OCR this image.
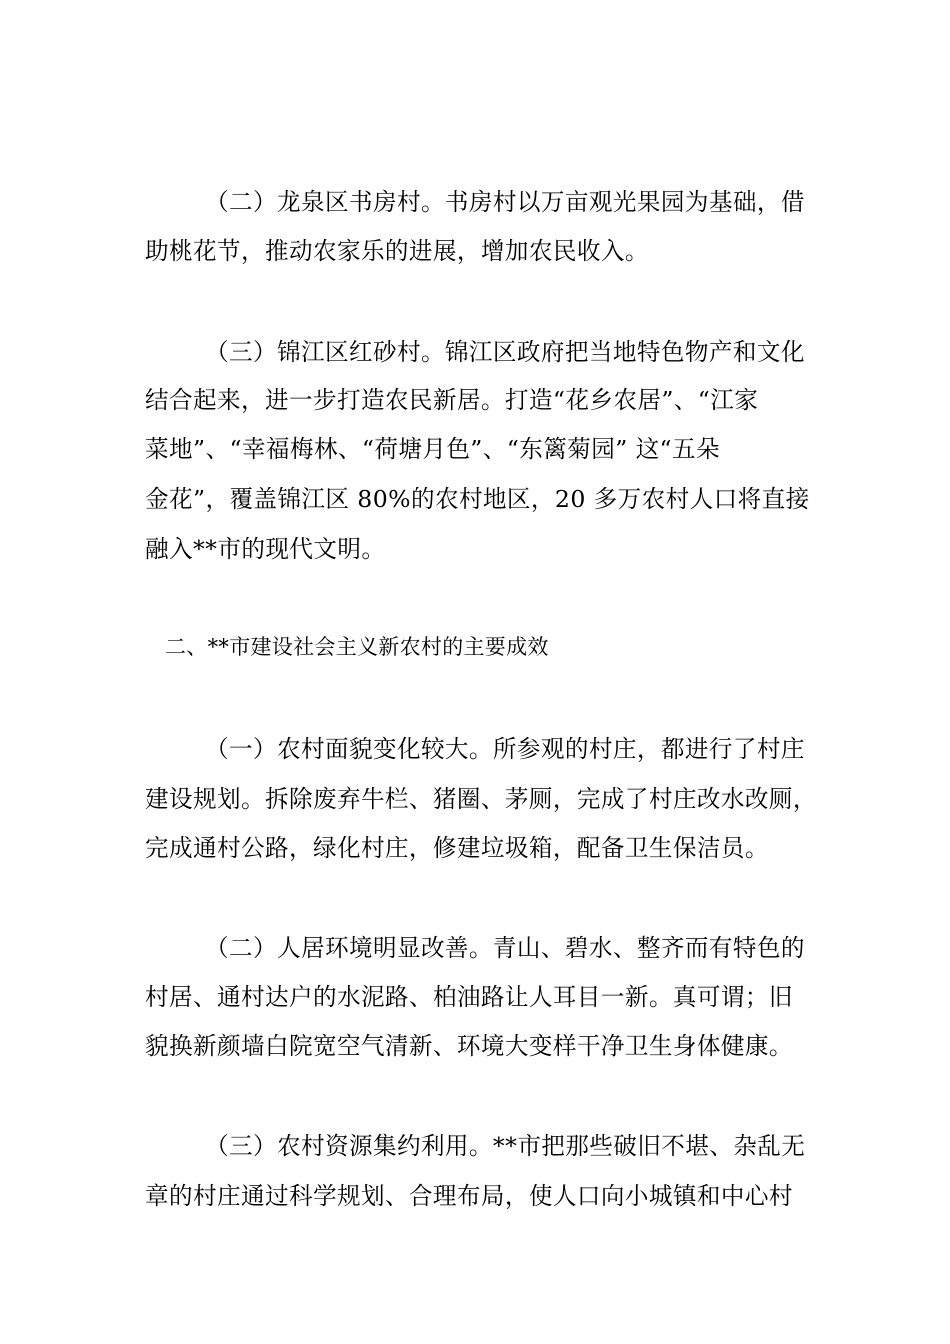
（二）龙泉区书房村。书房村以万亩观光果园为基础，借
助桃花节，推动农家乐的进展，增加农民收入。
（三）锦江区红砂村。锦江区政府把当地特色物产和文化
结合起来，进一步打造农民新居。打造“花乡农居”、“江家
菜地”、“幸福梅林、“荷塘月色”、“东篱菊园” 这“五朵
金花”，覆盖锦江区 80%的农村地区，20 多万农村人口将直接
融入**市的现代文明。
二、**市建设社会主义新农村的主要成效
（一）农村面貌变化较大。所参观的村庄，都进行了村庄
建设规划。拆除废弃牛栏、猪圈、茅厕，完成了村庄改水改厕，
完成通村公路，绿化村庄，修建垃圾箱，配备卫生保洁员。
（二）人居环境明显改善。青山、碧水、整齐而有特色的
村居、通村达户的水泥路、柏油路让人耳目一新。真可谓；旧
貌换新颜墙白院宽空气清新、环境大变样干净卫生身体健康。
（三）农村资源集约利用。**市把那些破旧不堪、杂乱无
章的村庄通过科学规划、合理布局，使人口向小城镇和中心村
